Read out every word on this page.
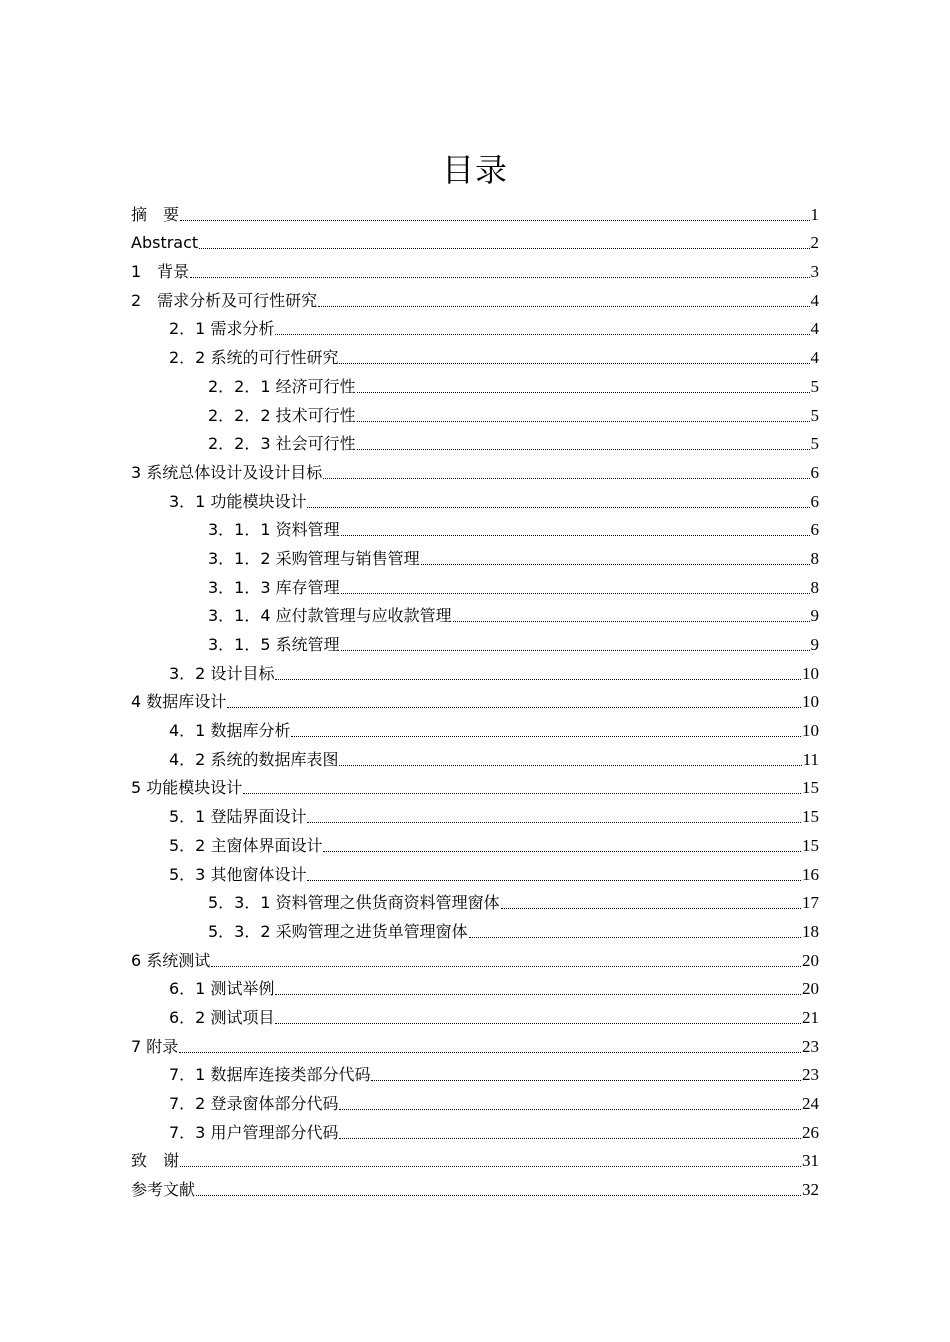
目录
摘　要	1
Abstract	2
1　背景	3
2　需求分析及可行性研究	4
2．1 需求分析	4
2．2 系统的可行性研究	4
2．2．1 经济可行性	5
2．2．2 技术可行性	5
2．2．3 社会可行性	5
3 系统总体设计及设计目标	6
3．1 功能模块设计	6
3．1．1 资料管理	6
3．1．2 采购管理与销售管理	8
3．1．3 库存管理	8
3．1．4 应付款管理与应收款管理	9
3．1．5 系统管理	9
3．2 设计目标	10
4 数据库设计	10
4．1 数据库分析	10
4．2 系统的数据库表图	11
5 功能模块设计	15
5．1 登陆界面设计	15
5．2 主窗体界面设计	15
5．3 其他窗体设计	16
5．3．1 资料管理之供货商资料管理窗体	17
5．3．2 采购管理之进货单管理窗体	18
6 系统测试	20
6．1 测试举例	20
6．2 测试项目	21
7 附录	23
7．1 数据库连接类部分代码	23
7．2 登录窗体部分代码	24
7．3 用户管理部分代码	26
致　谢	31
参考文献	32
